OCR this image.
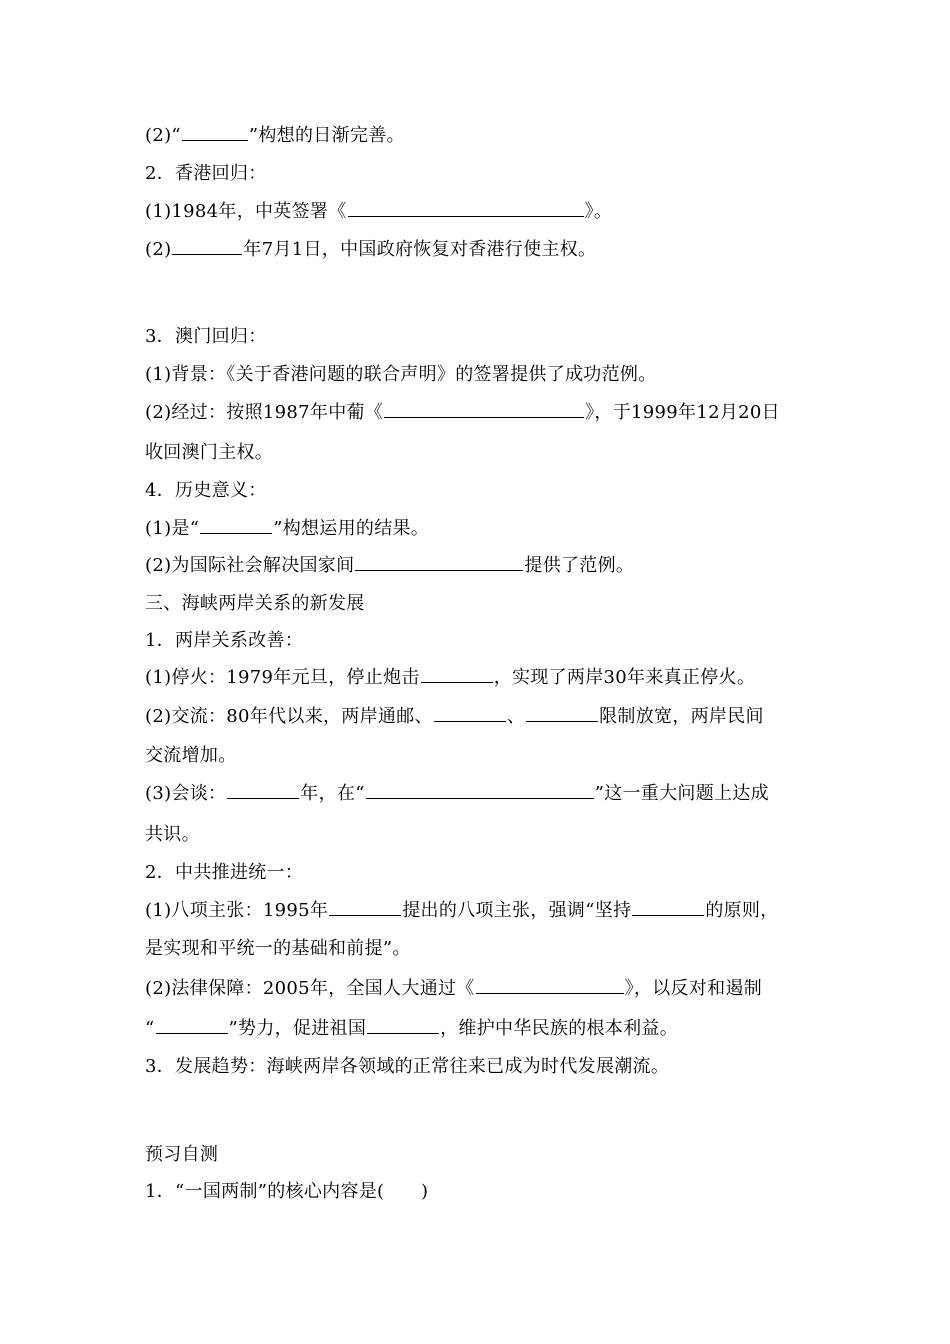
(2)“	”构想的日渐完善。
2．香港回归：
(1)1984年，中英签署《	》。
(2)	年7月1日，中国政府恢复对香港行使主权。
3．澳门回归：
(1)背景：《关于香港问题的联合声明》的签署提供了成功范例。
(2)经过：按照1987年中葡《	》，于1999年12月20日
收回澳门主权。
4．历史意义：
(1)是“	”构想运用的结果。
(2)为国际社会解决国家间	提供了范例。
三、海峡两岸关系的新发展
1．两岸关系改善：
(1)停火：1979年元旦，停止炮击	，实现了两岸30年来真正停火。
(2)交流：80年代以来，两岸通邮、	、	限制放宽，两岸民间
交流增加。
(3)会谈：	年，在“	”这一重大问题上达成
共识。
2．中共推进统一：
(1)八项主张：1995年	提出的八项主张，强调“坚持	的原则，
是实现和平统一的基础和前提”。
(2)法律保障：2005年，全国人大通过《	》，以反对和遏制
“	”势力，促进祖国	，维护中华民族的根本利益。
3．发展趋势：海峡两岸各领域的正常往来已成为时代发展潮流。
预习自测
1．“一国两制”的核心内容是(　　)
